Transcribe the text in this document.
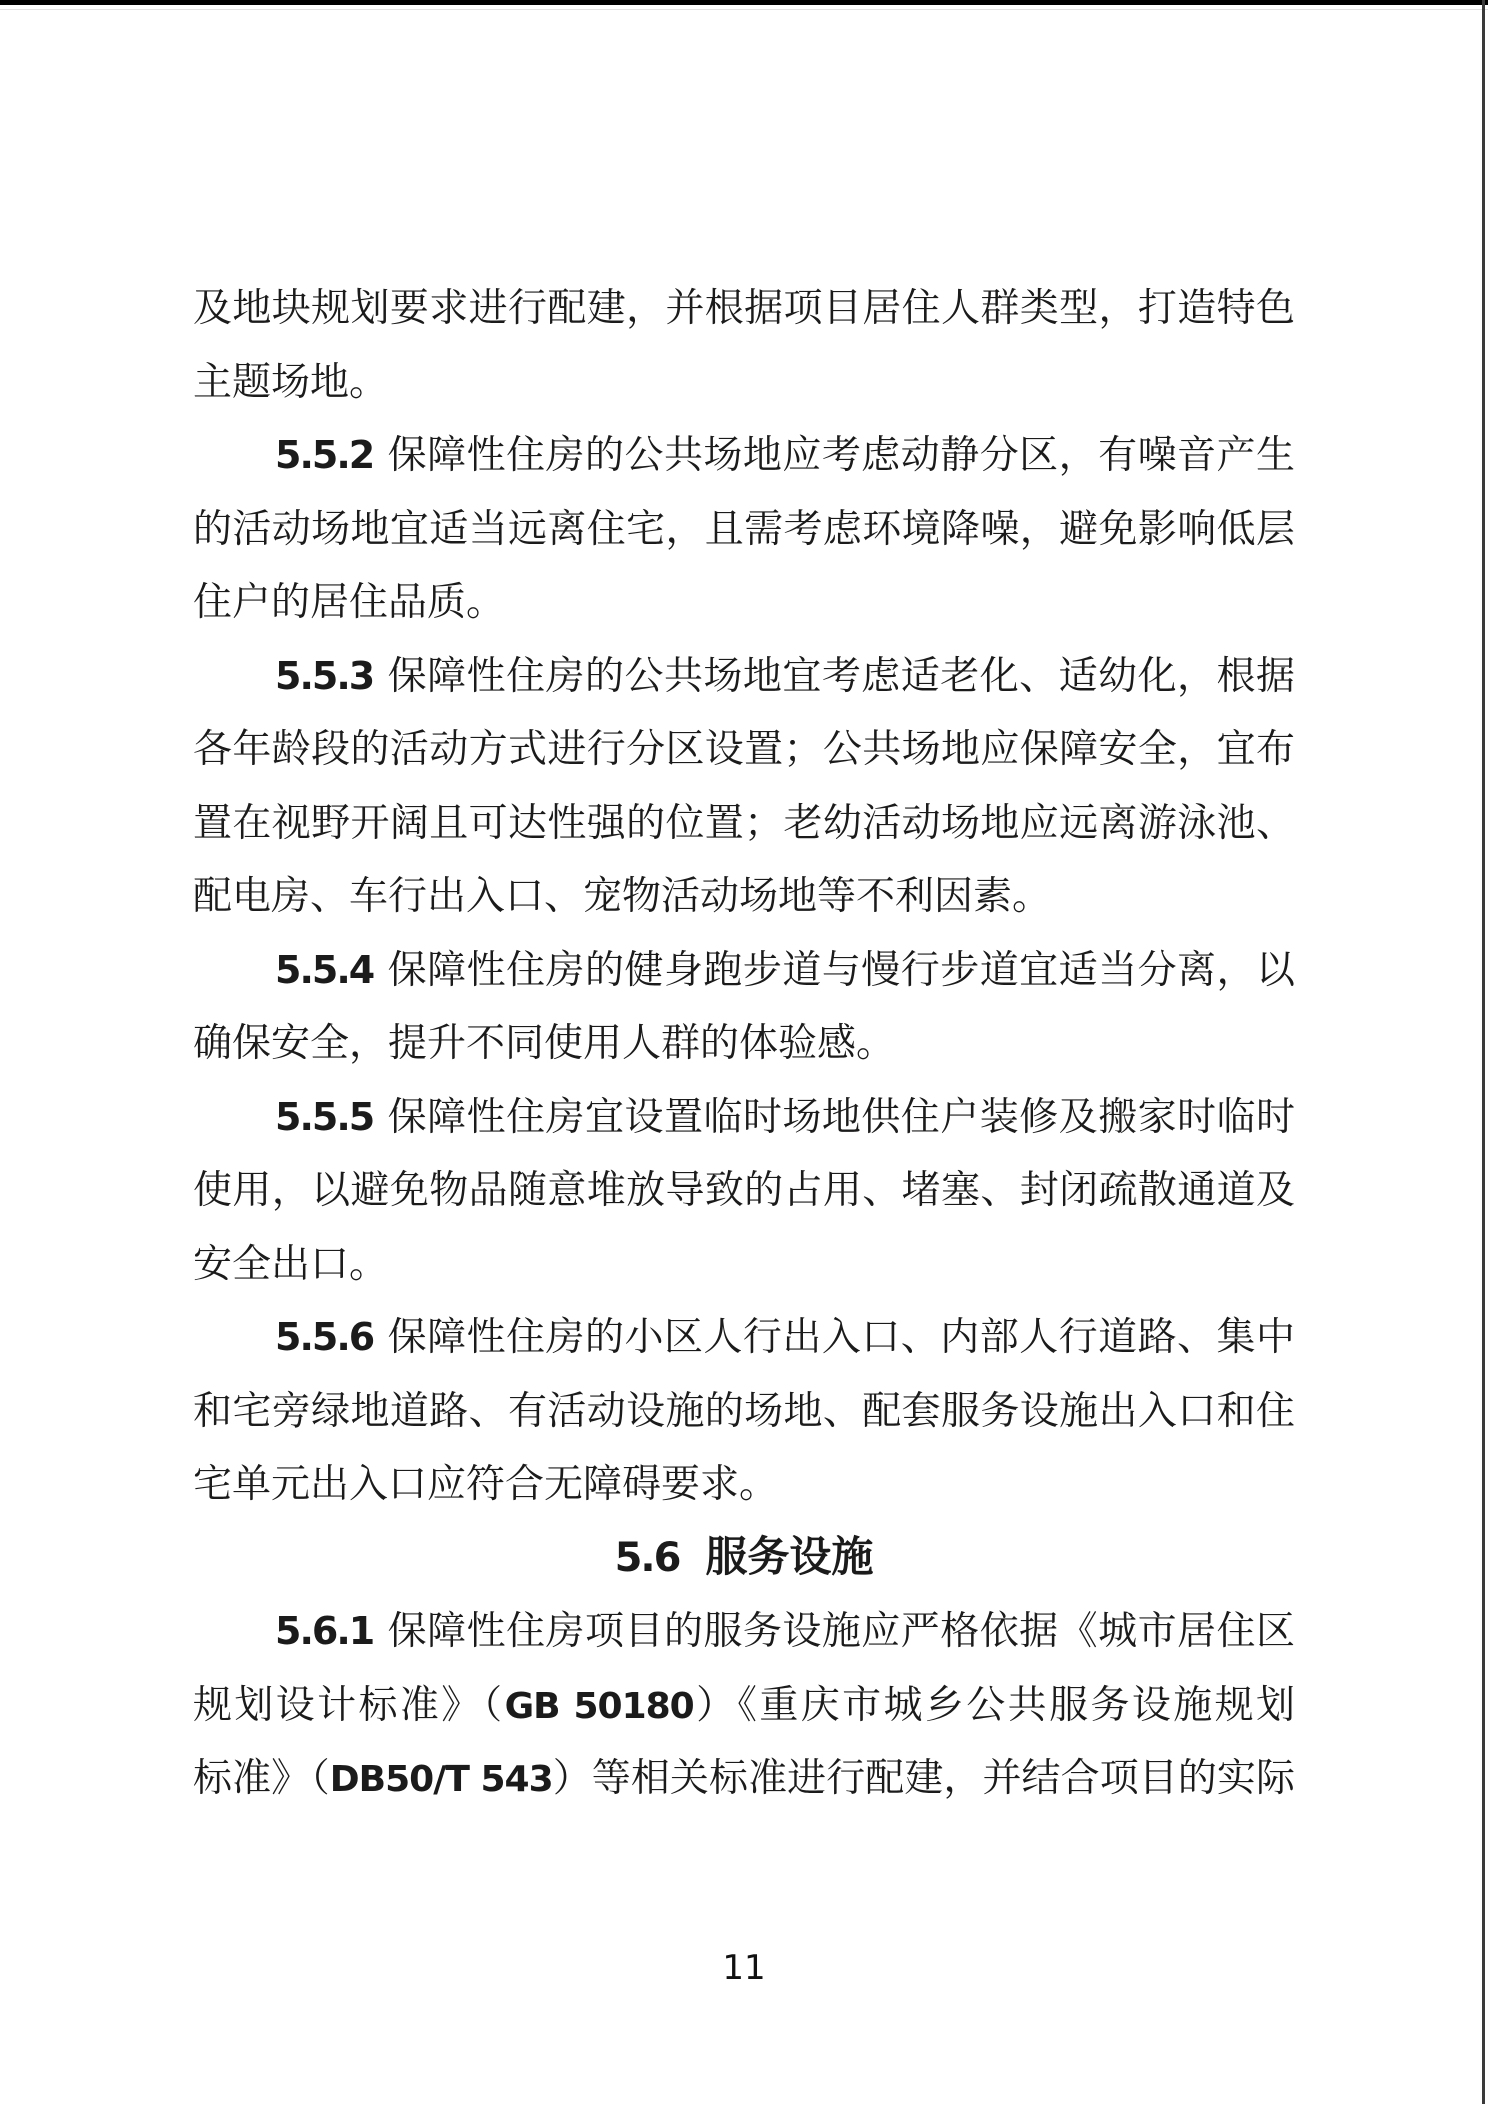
及地块规划要求进行配建，并根据项目居住人群类型，打造特色

主题场地。

5.5.2 保障性住房的公共场地应考虑动静分区，有噪音产生

的活动场地宜适当远离住宅，且需考虑环境降噪，避免影响低层

住户的居住品质。

5.5.3 保障性住房的公共场地宜考虑适老化、适幼化，根据

各年龄段的活动方式进行分区设置；公共场地应保障安全，宜布

置在视野开阔且可达性强的位置；老幼活动场地应远离游泳池、

配电房、车行出入口、宠物活动场地等不利因素。

5.5.4 保障性住房的健身跑步道与慢行步道宜适当分离，以

确保安全，提升不同使用人群的体验感。

5.5.5 保障性住房宜设置临时场地供住户装修及搬家时临时

使用，以避免物品随意堆放导致的占用、堵塞、封闭疏散通道及

安全出口。

5.5.6 保障性住房的小区人行出入口、内部人行道路、集中

和宅旁绿地道路、有活动设施的场地、配套服务设施出入口和住

宅单元出入口应符合无障碍要求。

5.6 服务设施

5.6.1 保障性住房项目的服务设施应严格依据《城市居住区

规划设计标准》（GB 50180）《重庆市城乡公共服务设施规划

标准》（DB50/T 543）等相关标准进行配建，并结合项目的实际

11
